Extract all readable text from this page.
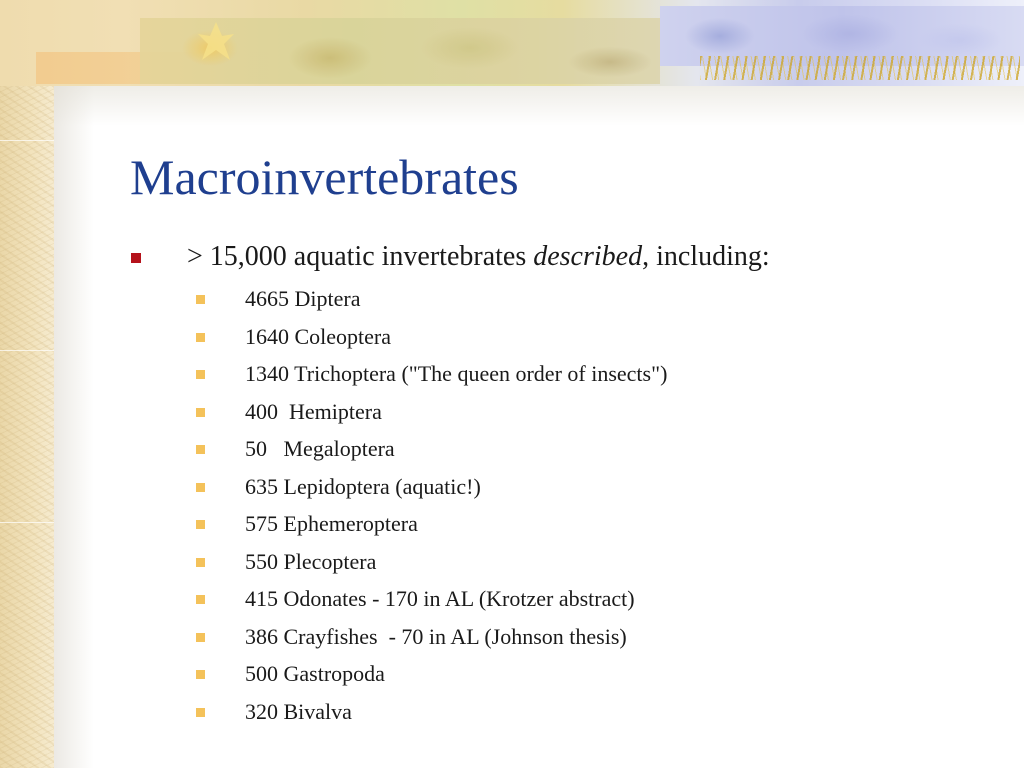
Macroinvertebrates
> 15,000 aquatic invertebrates described, including:
4665 Diptera
1640 Coleoptera
1340 Trichoptera ("The queen order of insects")
400  Hemiptera
50   Megaloptera
635 Lepidoptera (aquatic!)
575 Ephemeroptera
550 Plecoptera
415 Odonates - 170 in AL (Krotzer abstract)
386 Crayfishes  - 70 in AL (Johnson thesis)
500 Gastropoda
320 Bivalva
